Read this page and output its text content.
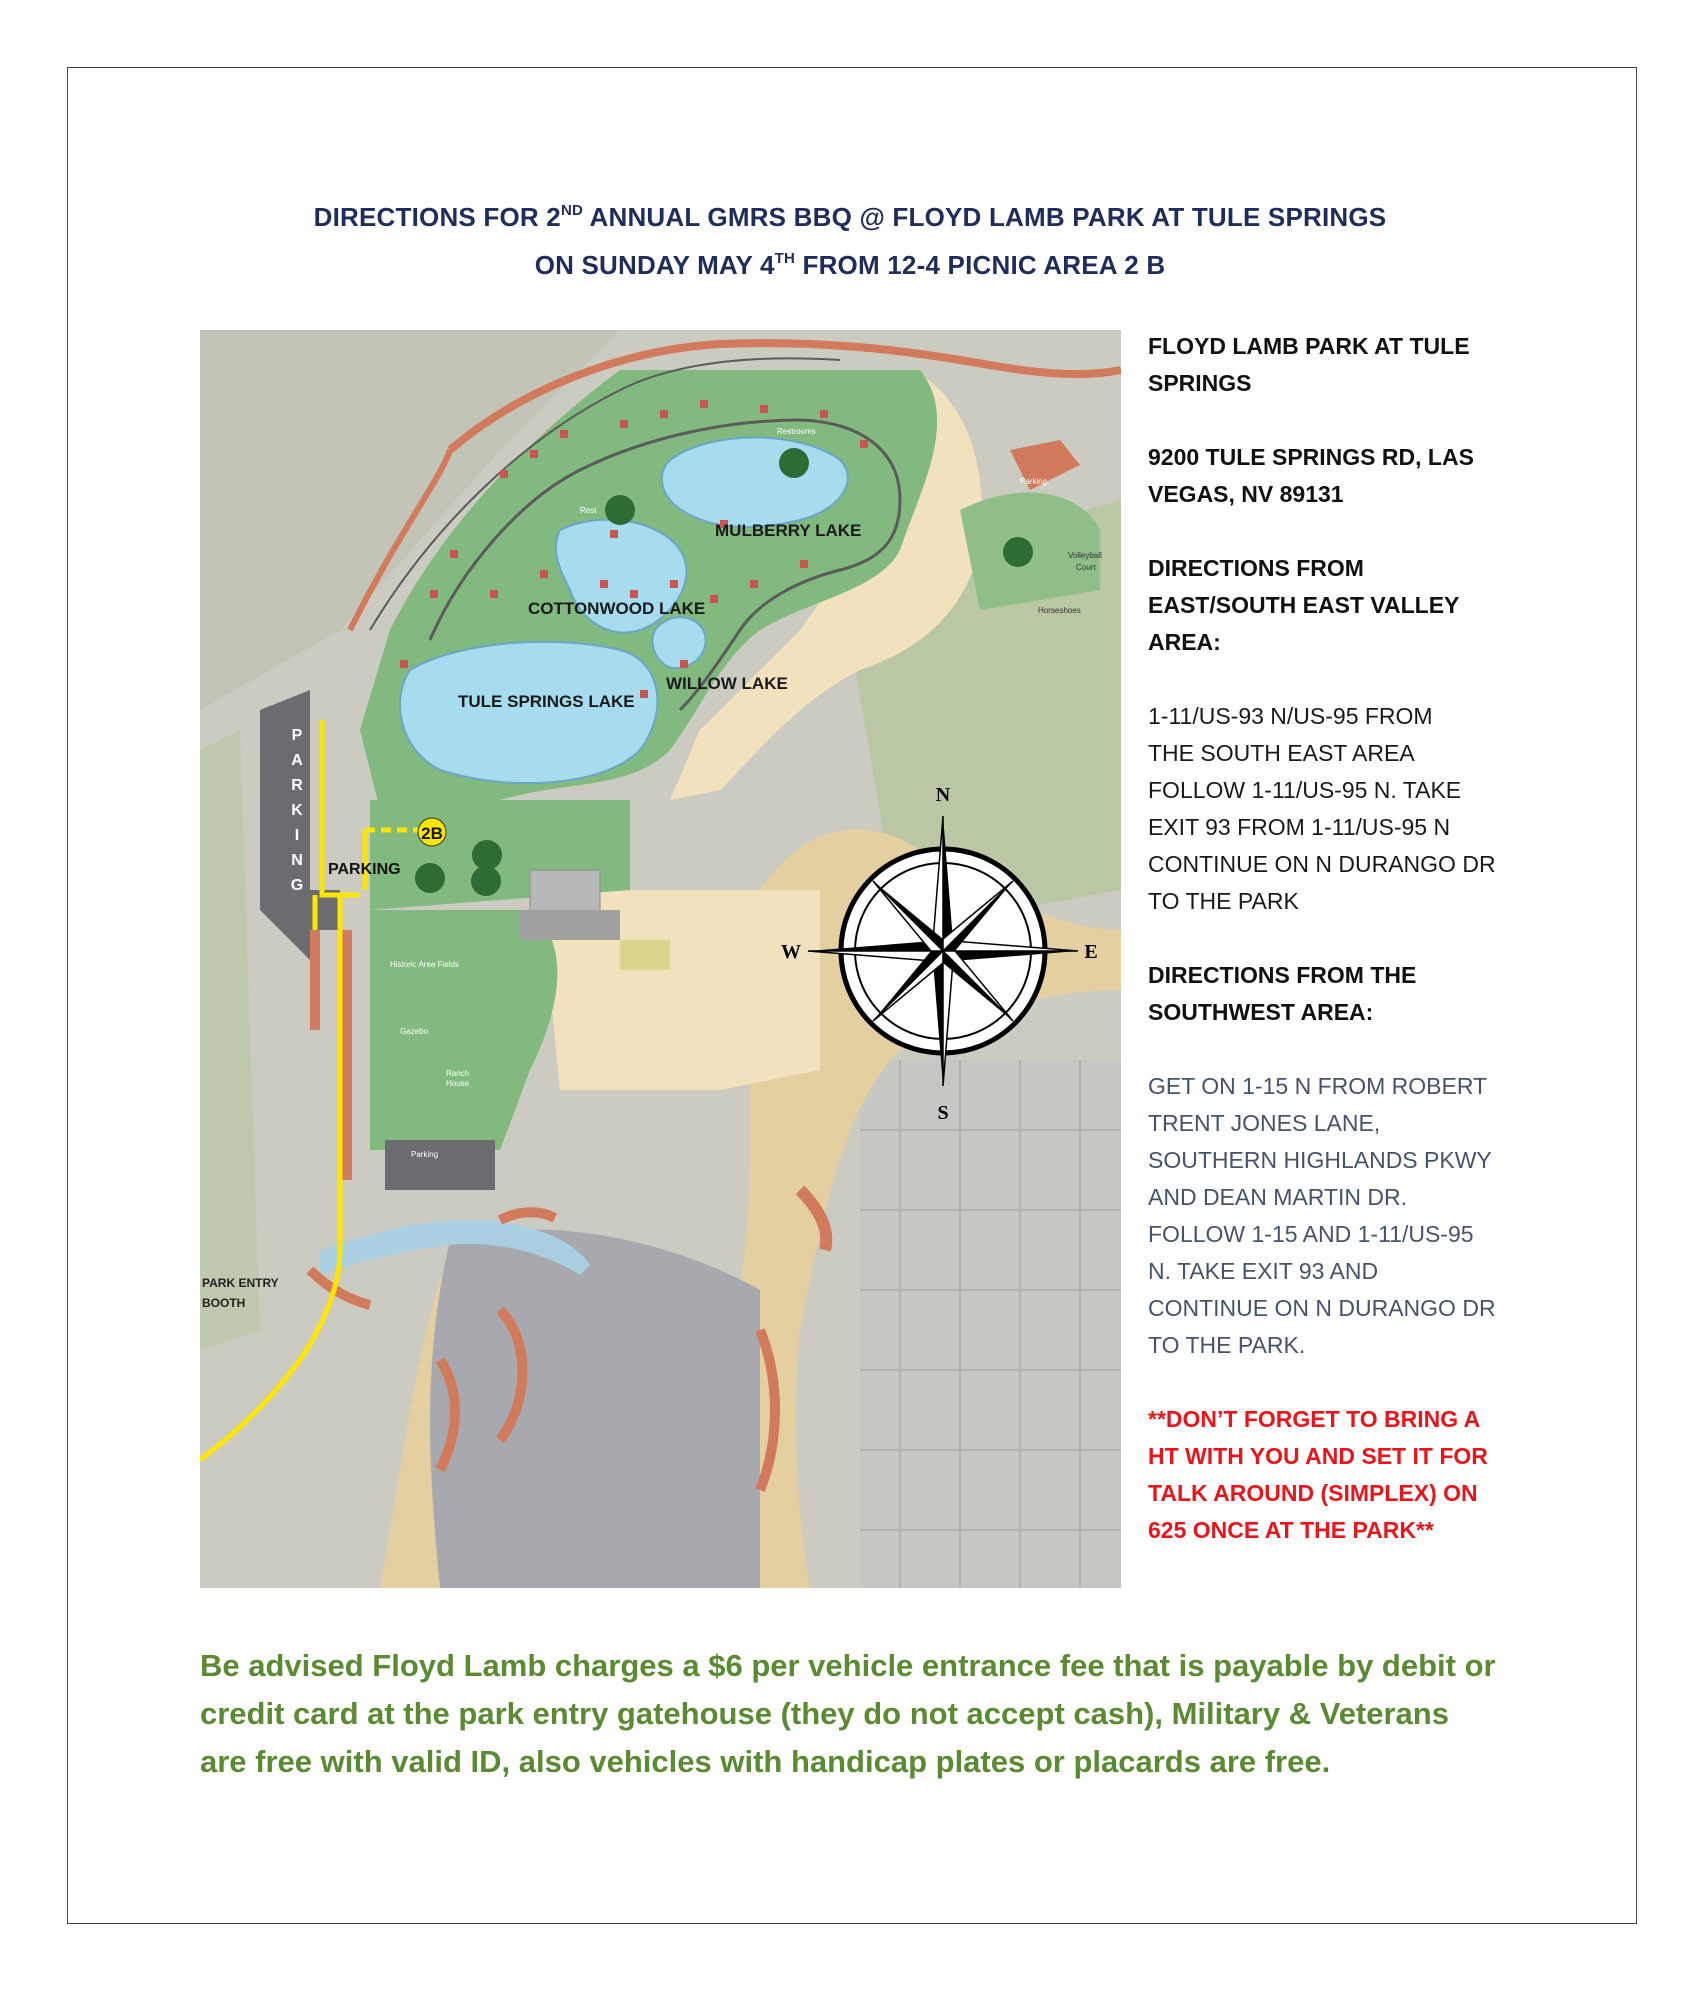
DIRECTIONS FOR 2ND ANNUAL GMRS BBQ @ FLOYD LAMB PARK AT TULE SPRINGS
ON SUNDAY MAY 4TH FROM 12-4 PICNIC AREA 2 B
2B
MULBERRY LAKE
COTTONWOOD LAKE
WILLOW LAKE
TULE SPRINGS LAKE
P
A
R
K
I
N
G
PARKING
PARK ENTRY
BOOTH
Restrooms
Rest
Parking
Volleyball
Court
Horseshoes
Historic Area Fields
Gazebo
Ranch
House
Parking
N
S
E
W

FLOYD LAMB PARK AT TULE
SPRINGS

9200 TULE SPRINGS RD, LAS
VEGAS, NV 89131

DIRECTIONS FROM
EAST/SOUTH EAST VALLEY
AREA:

1-11/US-93 N/US-95 FROM
THE SOUTH EAST AREA
FOLLOW 1-11/US-95 N. TAKE
EXIT 93 FROM 1-11/US-95 N
CONTINUE ON N DURANGO DR
TO THE PARK

DIRECTIONS FROM THE
SOUTHWEST AREA:

GET ON 1-15 N FROM ROBERT
TRENT JONES LANE,
SOUTHERN HIGHLANDS PKWY
AND DEAN MARTIN DR.
FOLLOW 1-15 AND 1-11/US-95
N. TAKE EXIT 93 AND
CONTINUE ON N DURANGO DR
TO THE PARK.

**DON’T FORGET TO BRING A
HT WITH YOU AND SET IT FOR
TALK AROUND (SIMPLEX) ON
625 ONCE AT THE PARK**

Be advised Floyd Lamb charges a $6 per vehicle entrance fee that is payable by debit or
credit card at the park entry gatehouse (they do not accept cash), Military & Veterans
are free with valid ID, also vehicles with handicap plates or placards are free.
